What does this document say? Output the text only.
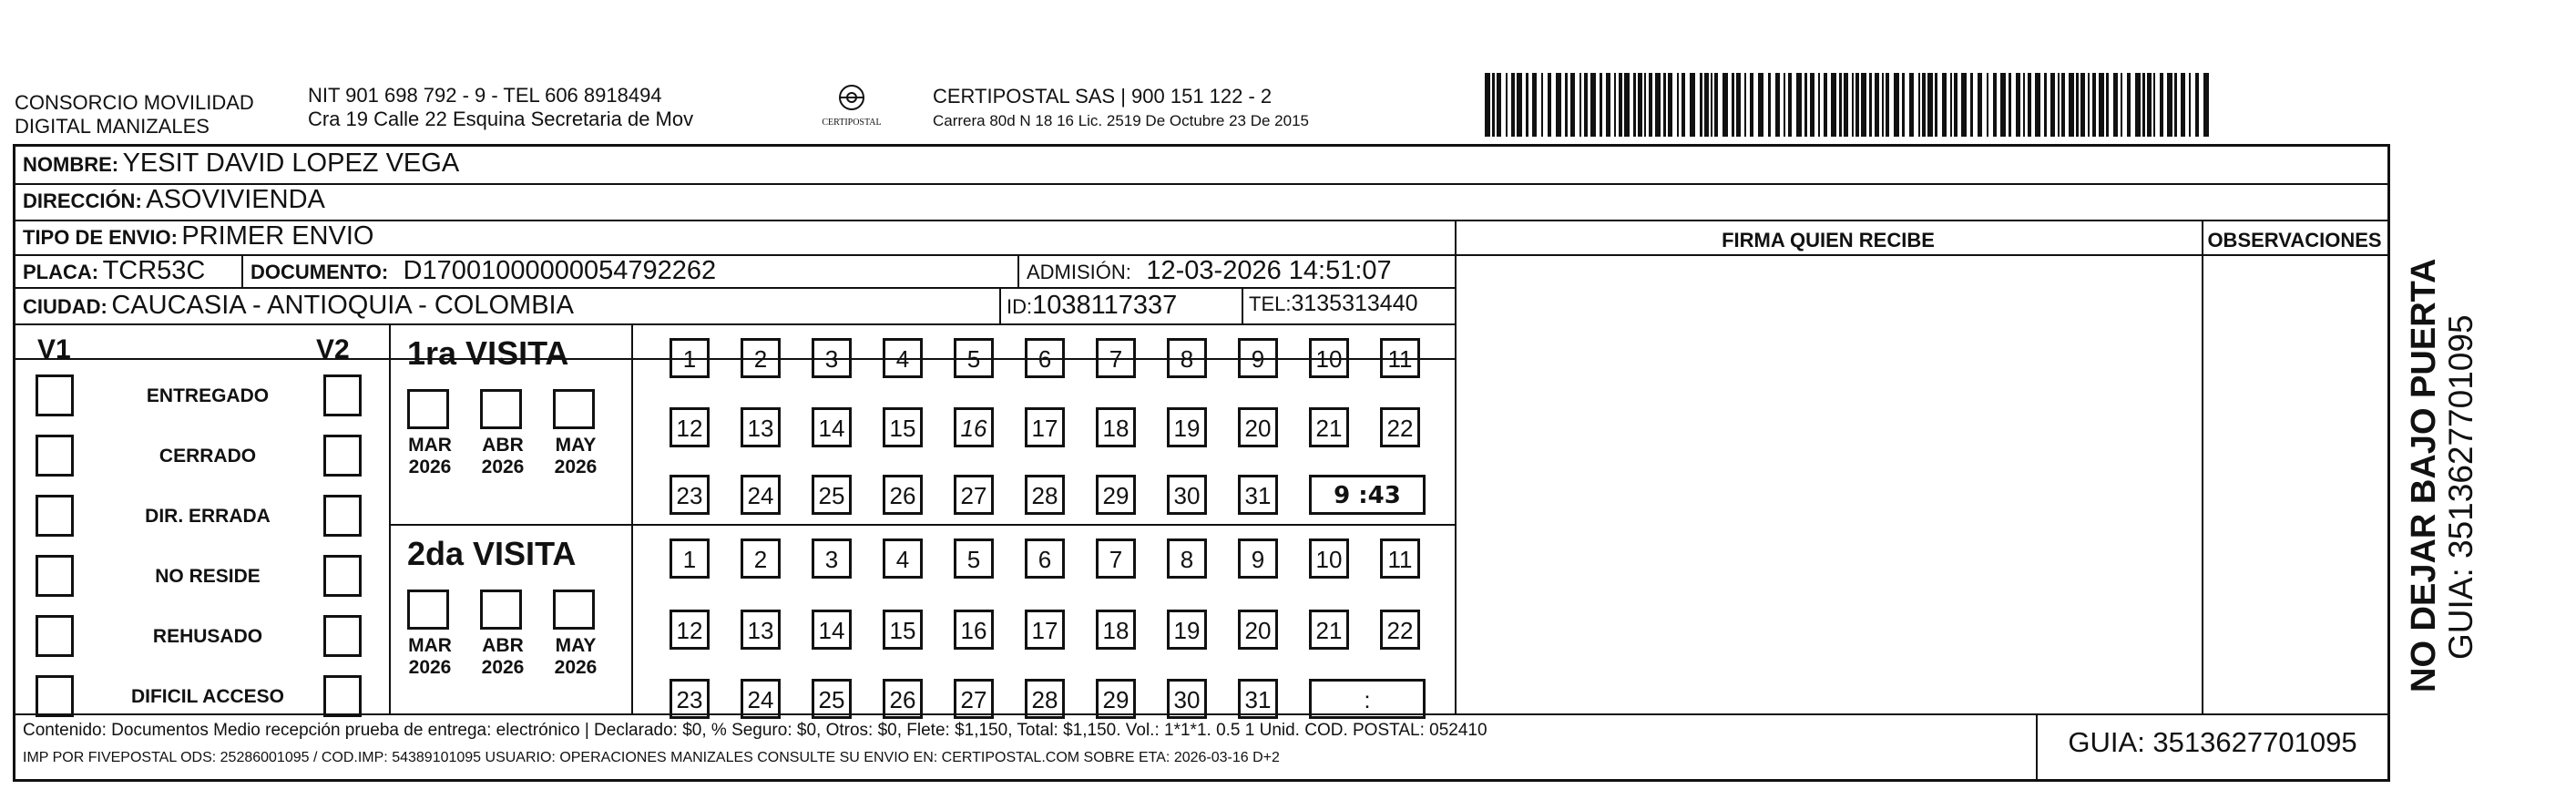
CONSORCIO MOVILIDAD
DIGITAL MANIZALES
NIT 901 698 792 - 9 - TEL 606 8918494
Cra 19 Calle 22 Esquina Secretaria de Mov	CERTIPOSTAL
CERTIPOSTAL SAS | 900 151 122 - 2
Carrera 80d N 18 16 Lic. 2519 De Octubre 23 De 2015
NOMBRE: YESIT DAVID LOPEZ VEGA
DIRECCIÓN: ASOVIVIENDA
TIPO DE ENVIO: PRIMER ENVIO	FIRMA QUIEN RECIBE	OBSERVACIONES
PLACA: TCR53C DOCUMENTO: D17001000000054792262	ADMISIÓN: 12-03-2026 14:51:07
CIUDAD: CAUCASIA - ANTIOQUIA - COLOMBIA	ID:1038117337	TEL:3135313440
V1	V2
ENTREGADO
CERRADO
DIR. ERRADA
NO RESIDE
REHUSADO
DIFICIL ACCESO
1ra VISITA
2da VISITA
MAR
2026
ABR
2026
MAY
2026
MAR
2026
ABR
2026
MAY
2026
1	2	3	4	5	6	7	8	9	10	11
12 13 14 15 16 17 18 19 20 21 22
23 24 25 26 27 28 29 30 31	9 :43
1	2	3	4	5	6	7	8	9	10	11
12 13 14 15 16 17 18 19 20 21 22
23 24 25 26 27 28 29 30 31	:
Contenido: Documentos Medio recepción prueba de entrega: electrónico | Declarado: $0, % Seguro: $0, Otros: $0, Flete: $1,150, Total: $1,150. Vol.: 1*1*1. 0.5 1 Unid. COD. POSTAL: 052410
IMP POR FIVEPOSTAL ODS: 25286001095 / COD.IMP: 54389101095 USUARIO: OPERACIONES MANIZALES CONSULTE SU ENVIO EN: CERTIPOSTAL.COM SOBRE ETA: 2026-03-16 D+2	GUIA: 3513627701095
NO DEJAR BAJO PUERTA GUIA: 3513627701095
